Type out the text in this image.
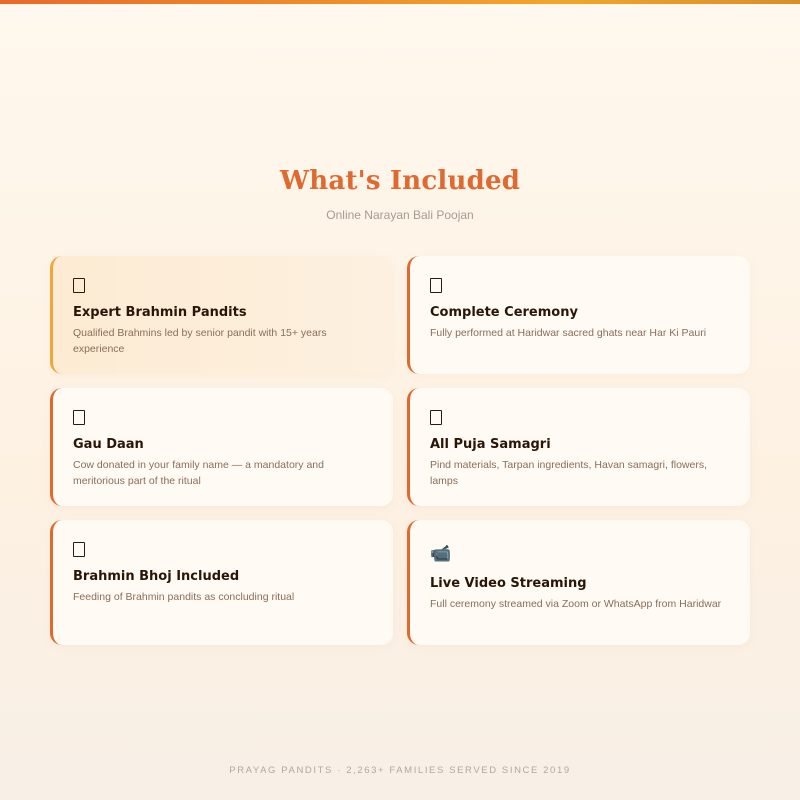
What's Included
Online Narayan Bali Poojan
Expert Brahmin Pandits

Qualified Brahmins led by senior pandit with 15+ years experience

Complete Ceremony

Fully performed at Haridwar sacred ghats near Har Ki Pauri

Gau Daan

Cow donated in your family name — a mandatory and meritorious part of the ritual

All Puja Samagri

Pind materials, Tarpan ingredients, Havan samagri, flowers, lamps

Brahmin Bhoj Included

Feeding of Brahmin pandits as concluding ritual

📹
Live Video Streaming

Full ceremony streamed via Zoom or WhatsApp from Haridwar

PRAYAG PANDITS · 2,263+ FAMILIES SERVED SINCE 2019
